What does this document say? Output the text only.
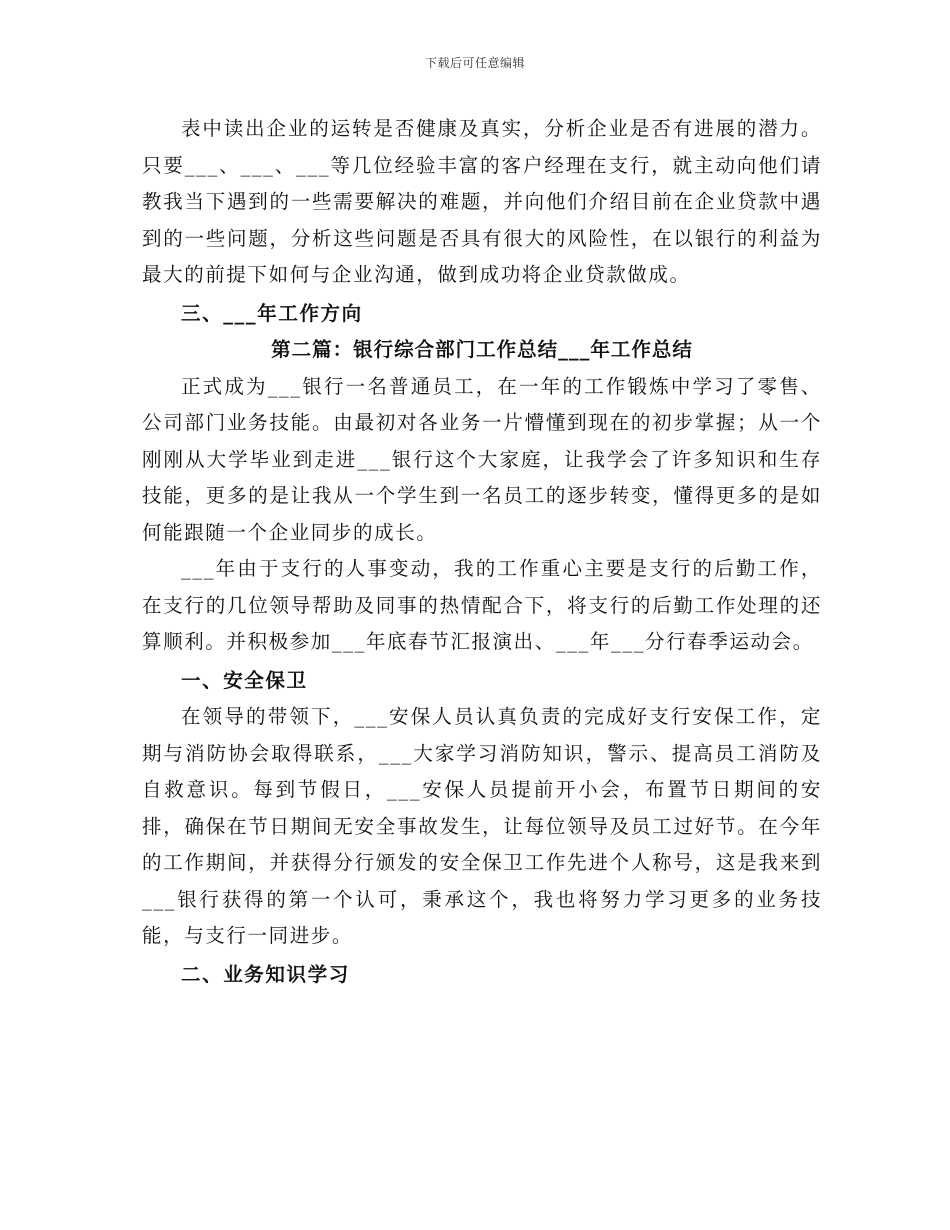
下载后可任意编辑

表中读出企业的运转是否健康及真实，分析企业是否有进展的潜力。只要___、___、___等几位经验丰富的客户经理在支行，就主动向他们请教我当下遇到的一些需要解决的难题，并向他们介绍目前在企业贷款中遇到的一些问题，分析这些问题是否具有很大的风险性，在以银行的利益为最大的前提下如何与企业沟通，做到成功将企业贷款做成。

三、___年工作方向

第二篇：银行综合部门工作总结___年工作总结

正式成为___银行一名普通员工，在一年的工作锻炼中学习了零售、公司部门业务技能。由最初对各业务一片懵懂到现在的初步掌握；从一个刚刚从大学毕业到走进___银行这个大家庭，让我学会了许多知识和生存技能，更多的是让我从一个学生到一名员工的逐步转变，懂得更多的是如何能跟随一个企业同步的成长。

___年由于支行的人事变动，我的工作重心主要是支行的后勤工作，在支行的几位领导帮助及同事的热情配合下，将支行的后勤工作处理的还算顺利。并积极参加___年底春节汇报演出、___年___分行春季运动会。

一、安全保卫

在领导的带领下，___安保人员认真负责的完成好支行安保工作，定期与消防协会取得联系，___大家学习消防知识，警示、提高员工消防及自救意识。每到节假日，___安保人员提前开小会，布置节日期间的安排，确保在节日期间无安全事故发生，让每位领导及员工过好节。在今年的工作期间，并获得分行颁发的安全保卫工作先进个人称号，这是我来到___银行获得的第一个认可，秉承这个，我也将努力学习更多的业务技能，与支行一同进步。

二、业务知识学习
